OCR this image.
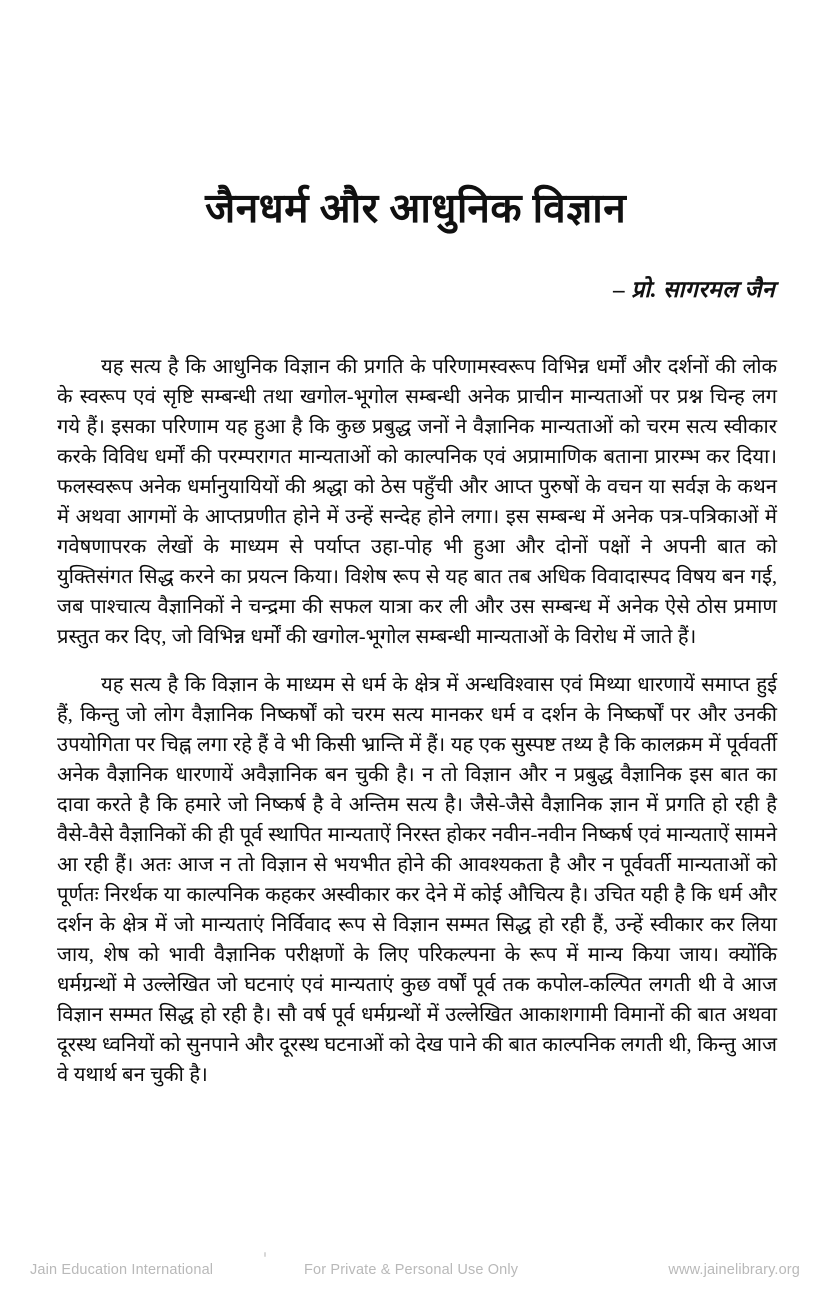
जैनधर्म और आधुनिक विज्ञान
– प्रो. सागरमल जैन

यह सत्य है कि आधुनिक विज्ञान की प्रगति के परिणामस्वरूप विभिन्न धर्मों और दर्शनों की लोक के स्वरूप एवं सृष्टि सम्बन्धी तथा खगोल-भूगोल सम्बन्धी अनेक प्राचीन मान्यताओं पर प्रश्न चिन्ह लग गये हैं। इसका परिणाम यह हुआ है कि कुछ प्रबुद्ध जनों ने वैज्ञानिक मान्यताओं को चरम सत्य स्वीकार करके विविध धर्मों की परम्परागत मान्यताओं को काल्पनिक एवं अप्रामाणिक बताना प्रारम्भ कर दिया। फलस्वरूप अनेक धर्मानुयायियों की श्रद्धा को ठेस पहुँची और आप्त पुरुषों के वचन या सर्वज्ञ के कथन में अथवा आगमों के आप्तप्रणीत होने में उन्हें सन्देह होने लगा। इस सम्बन्ध में अनेक पत्र-पत्रिकाओं में गवेषणापरक लेखों के माध्यम से पर्याप्त उहा-पोह भी हुआ और दोनों पक्षों ने अपनी बात को युक्तिसंगत सिद्ध करने का प्रयत्न किया। विशेष रूप से यह बात तब अधिक विवादास्पद विषय बन गई, जब पाश्चात्य वैज्ञानिकों ने चन्द्रमा की सफल यात्रा कर ली और उस सम्बन्ध में अनेक ऐसे ठोस प्रमाण प्रस्तुत कर दिए, जो विभिन्न धर्मों की खगोल-भूगोल सम्बन्धी मान्यताओं के विरोध में जाते हैं।

यह सत्य है कि विज्ञान के माध्यम से धर्म के क्षेत्र में अन्धविश्वास एवं मिथ्या धारणायें समाप्त हुई हैं, किन्तु जो लोग वैज्ञानिक निष्कर्षों को चरम सत्य मानकर धर्म व दर्शन के निष्कर्षों पर और उनकी उपयोगिता पर चिह्न लगा रहे हैं वे भी किसी भ्रान्ति में हैं। यह एक सुस्पष्ट तथ्य है कि कालक्रम में पूर्ववर्ती अनेक वैज्ञानिक धारणायें अवैज्ञानिक बन चुकी है। न तो विज्ञान और न प्रबुद्ध वैज्ञानिक इस बात का दावा करते है कि हमारे जो निष्कर्ष है वे अन्तिम सत्य है। जैसे-जैसे वैज्ञानिक ज्ञान में प्रगति हो रही है वैसे-वैसे वैज्ञानिकों की ही पूर्व स्थापित मान्यताऐं निरस्त होकर नवीन-नवीन निष्कर्ष एवं मान्यताऐं सामने आ रही हैं। अतः आज न तो विज्ञान से भयभीत होने की आवश्यकता है और न पूर्ववर्ती मान्यताओं को पूर्णतः निरर्थक या काल्पनिक कहकर अस्वीकार कर देने में कोई औचित्य है। उचित यही है कि धर्म और दर्शन के क्षेत्र में जो मान्यताएं निर्विवाद रूप से विज्ञान सम्मत सिद्ध हो रही हैं, उन्हें स्वीकार कर लिया जाय, शेष को भावी वैज्ञानिक परीक्षणों के लिए परिकल्पना के रूप में मान्य किया जाय। क्योंकि धर्मग्रन्थों मे उल्लेखित जो घटनाएं एवं मान्यताएं कुछ वर्षों पूर्व तक कपोल-कल्पित लगती थी वे आज विज्ञान सम्मत सिद्ध हो रही है। सौ वर्ष पूर्व धर्मग्रन्थों में उल्लेखित आकाशगामी विमानों की बात अथवा दूरस्थ ध्वनियों को सुनपाने और दूरस्थ घटनाओं को देख पाने की बात काल्पनिक लगती थी, किन्तु आज वे यथार्थ बन चुकी है।

Jain Education International	For Private & Personal Use Only	www.jainelibrary.org
